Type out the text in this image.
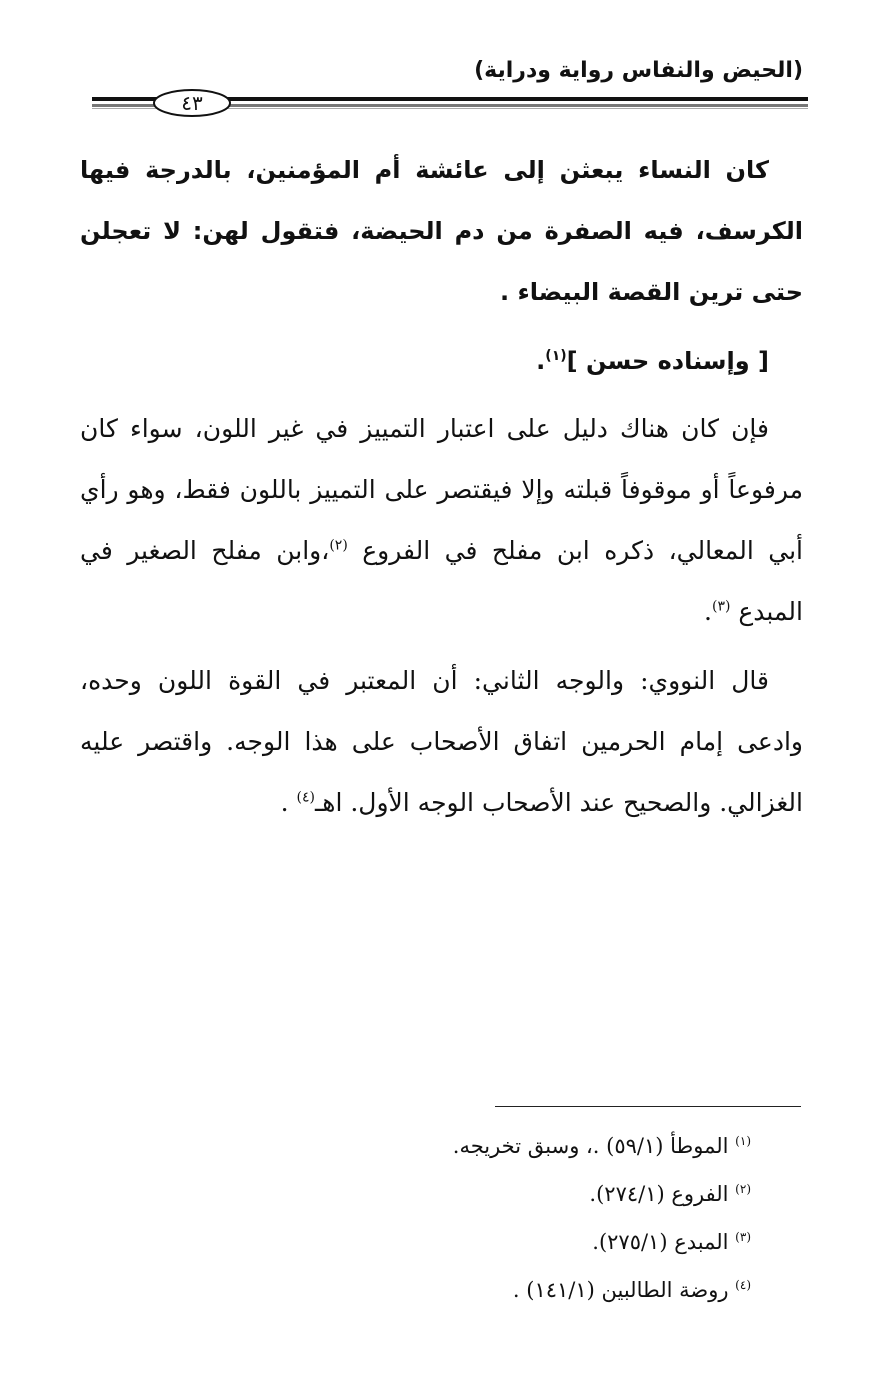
(الحيض والنفاس رواية ودراية)
٤٣

كان النساء يبعثن إلى عائشة أم المؤمنين، بالدرجة فيها الكرسف، فيه الصفرة من دم الحيضة، فتقول لهن: لا تعجلن حتى ترين القصة البيضاء .

[ وإسناده حسن ]$^{(١)}$.

فإن كان هناك دليل على اعتبار التمييز في غير اللون، سواء كان مرفوعاً أو موقوفاً قبلته وإلا فيقتصر على التمييز باللون فقط، وهو رأي أبي المعالي، ذكره ابن مفلح في الفروع $^{(٢)}$،وابن مفلح الصغير في المبدع $^{(٣)}$.

قال النووي: والوجه الثاني: أن المعتبر في القوة اللون وحده، وادعى إمام الحرمين اتفاق الأصحاب على هذا الوجه. واقتصر عليه الغزالي. والصحيح عند الأصحاب الوجه الأول. اهـ$^{(٤)}$ .

$^{(١)}$ الموطأ (٥٩/١) .، وسبق تخريجه.
$^{(٢)}$ الفروع (٢٧٤/١).
$^{(٣)}$ المبدع (٢٧٥/١).
$^{(٤)}$ روضة الطالبين (١٤١/١) .
